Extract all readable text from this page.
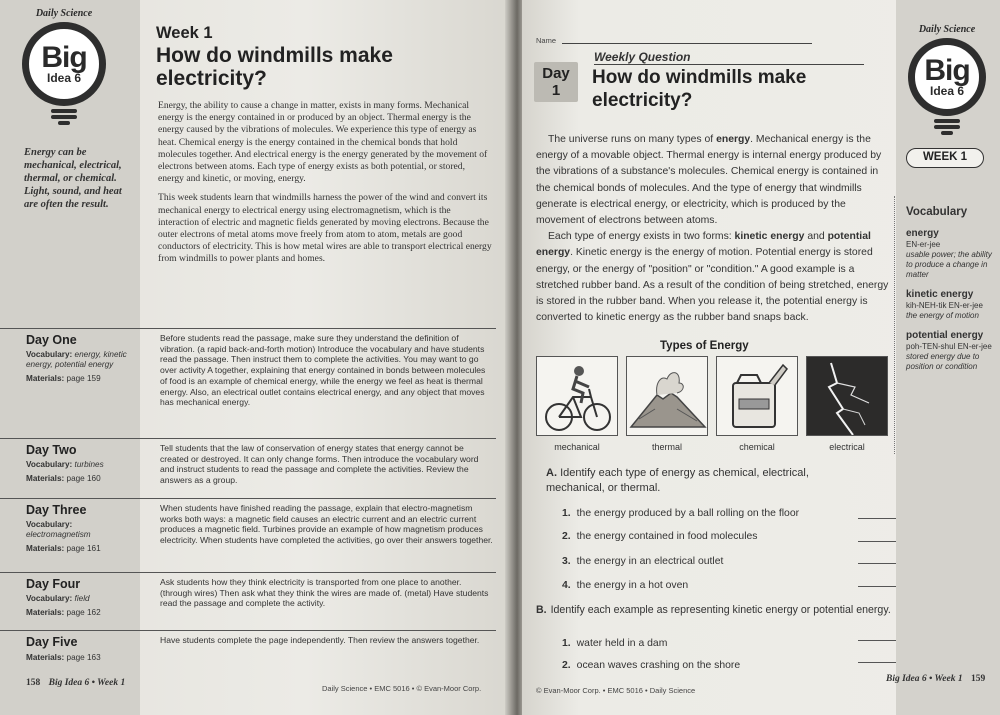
Daily Science
Big
Idea 6
Energy can be mechanical, electrical, thermal, or chemical. Light, sound, and heat are often the result.
Week 1
How do windmills make electricity?

Energy, the ability to cause a change in matter, exists in many forms. Mechanical energy is the energy contained in or produced by an object. Thermal energy is the energy caused by the vibrations of molecules. We experience this type of energy as heat. Chemical energy is the energy contained in the chemical bonds that hold molecules together. And electrical energy is the energy generated by the movement of electrons between atoms. Each type of energy exists as both potential, or stored, energy and kinetic, or moving, energy.

This week students learn that windmills harness the power of the wind and convert its mechanical energy to electrical energy using electromagnetism, which is the interaction of electric and magnetic fields generated by moving electrons. Because the outer electrons of metal atoms move freely from atom to atom, metals are good conductors of electricity. This is how metal wires are able to transport electrical energy from windmills to power plants and homes.

Day One
Vocabulary: energy, kinetic energy, potential energy
Materials: page 159
Before students read the passage, make sure they understand the definition of vibration. (a rapid back-and-forth motion) Introduce the vocabulary and have students read the passage. Then instruct them to complete the activities. You may want to go over activity A together, explaining that energy contained in bonds between molecules of food is an example of chemical energy, while the energy we feel as heat is thermal energy. Also, an electrical outlet contains electrical energy, and any object that moves has mechanical energy.
Day Two
Vocabulary: turbines
Materials: page 160
Tell students that the law of conservation of energy states that energy cannot be created or destroyed. It can only change forms. Then introduce the vocabulary word and instruct students to read the passage and complete the activities. Review the answers as a group.
Day Three
Vocabulary:
electromagnetism
Materials: page 161
When students have finished reading the passage, explain that electro-magnetism works both ways: a magnetic field causes an electric current and an electric current produces a magnetic field. Turbines provide an example of how magnetism produces electricity. When students have completed the activities, go over their answers together.
Day Four
Vocabulary: field
Materials: page 162
Ask students how they think electricity is transported from one place to another. (through wires) Then ask what they think the wires are made of. (metal) Have students read the passage and complete the activity.
Day Five
Materials: page 163
Have students complete the page independently. Then review the answers together.
158 Big Idea 6 • Week 1
Daily Science • EMC 5016 • © Evan-Moor Corp.
Name
Weekly Question
Day
1
How do windmills make electricity?

The universe runs on many types of energy. Mechanical energy is the energy of a movable object. Thermal energy is internal energy produced by the vibrations of a substance's molecules. Chemical energy is contained in the chemical bonds of molecules. And the type of energy that windmills generate is electrical energy, or electricity, which is produced by the movement of electrons between atoms.

Each type of energy exists in two forms: kinetic energy and potential energy. Kinetic energy is the energy of motion. Potential energy is stored energy, or the energy of "position" or "condition." A good example is a stretched rubber band. As a result of the condition of being stretched, energy is stored in the rubber band. When you release it, the potential energy is converted to kinetic energy as the rubber band snaps back.

Types of Energy
mechanical	thermal	chemical	electrical
A. Identify each type of energy as chemical, electrical, mechanical, or thermal.
1. the energy produced by a ball rolling on the floor
2. the energy contained in food molecules
3. the energy in an electrical outlet
4. the energy in a hot oven
B. Identify each example as representing kinetic energy or potential energy.
1. water held in a dam
2. ocean waves crashing on the shore
© Evan-Moor Corp. • EMC 5016 • Daily Science
Daily Science
Big
Idea 6
WEEK 1
Vocabulary
energy
EN-er-jee
usable power; the ability to produce a change in matter
kinetic energy
kih-NEH-tik EN-er-jee
the energy of motion
potential energy
poh-TEN-shul EN-er-jee
stored energy due to position or condition
Big Idea 6 • Week 1 159
